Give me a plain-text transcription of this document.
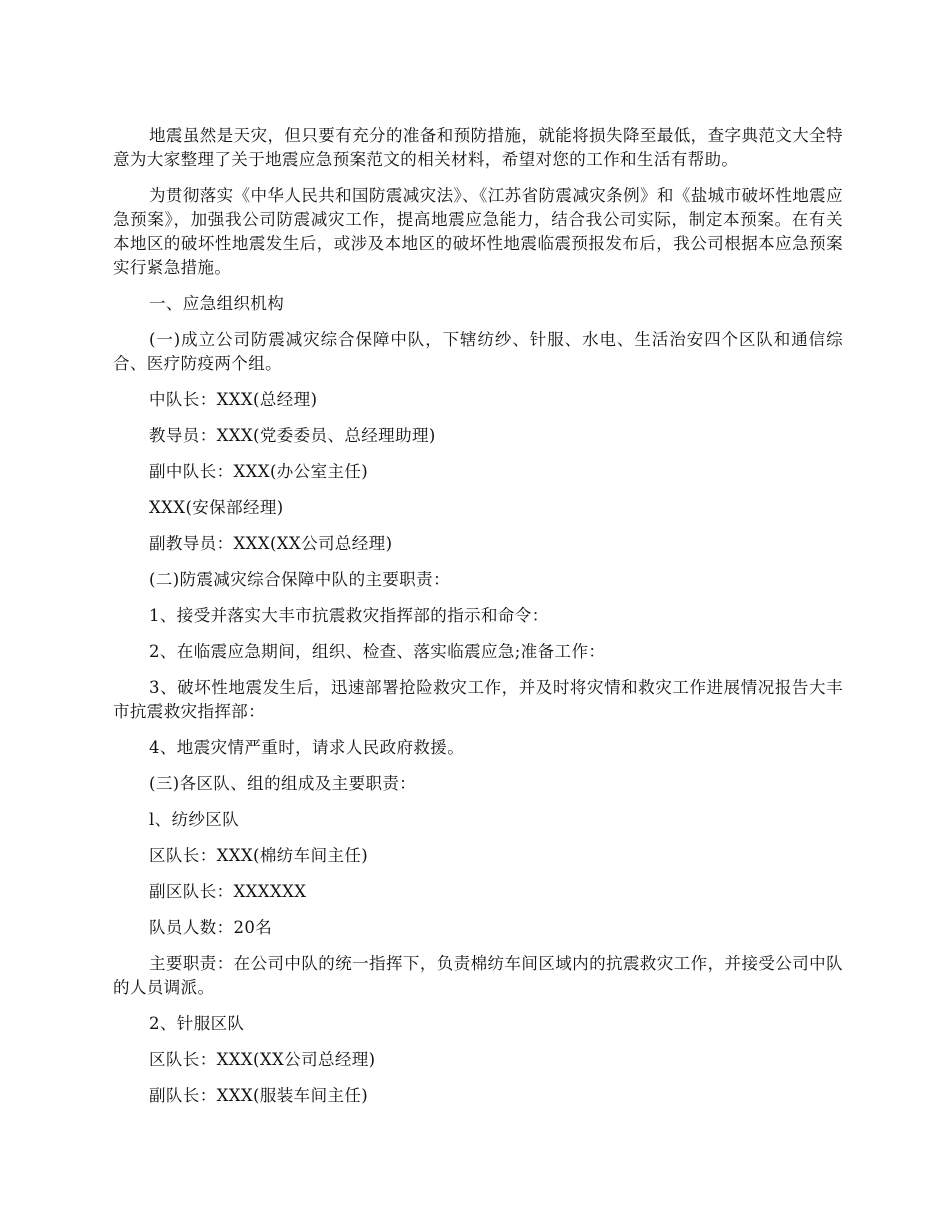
地震虽然是天灾，但只要有充分的准备和预防措施，就能将损失降至最低，查字典范文大全特意为大家整理了关于地震应急预案范文的相关材料，希望对您的工作和生活有帮助。

为贯彻落实《中华人民共和国防震减灾法》、《江苏省防震减灾条例》和《盐城市破坏性地震应急预案》，加强我公司防震减灾工作，提高地震应急能力，结合我公司实际，制定本预案。在有关本地区的破坏性地震发生后，或涉及本地区的破坏性地震临震预报发布后，我公司根据本应急预案实行紧急措施。

一、应急组织机构

(一)成立公司防震减灾综合保障中队，下辖纺纱、针服、水电、生活治安四个区队和通信综合、医疗防疫两个组。

中队长：XXX(总经理)

教导员：XXX(党委委员、总经理助理)

副中队长：XXX(办公室主任)

XXX(安保部经理)

副教导员：XXX(XX公司总经理)

(二)防震减灾综合保障中队的主要职责：

1、接受并落实大丰市抗震救灾指挥部的指示和命令：

2、在临震应急期间，组织、检查、落实临震应急;准备工作：

3、破坏性地震发生后，迅速部署抢险救灾工作，并及时将灾情和救灾工作进展情况报告大丰市抗震救灾指挥部：

4、地震灾情严重时，请求人民政府救援。

(三)各区队、组的组成及主要职责：

l、纺纱区队

区队长：XXX(棉纺车间主任)

副区队长：XXXXXX

队员人数：20名

主要职责：在公司中队的统一指挥下，负责棉纺车间区域内的抗震救灾工作，并接受公司中队的人员调派。

2、针服区队

区队长：XXX(XX公司总经理)

副队长：XXX(服装车间主任)
